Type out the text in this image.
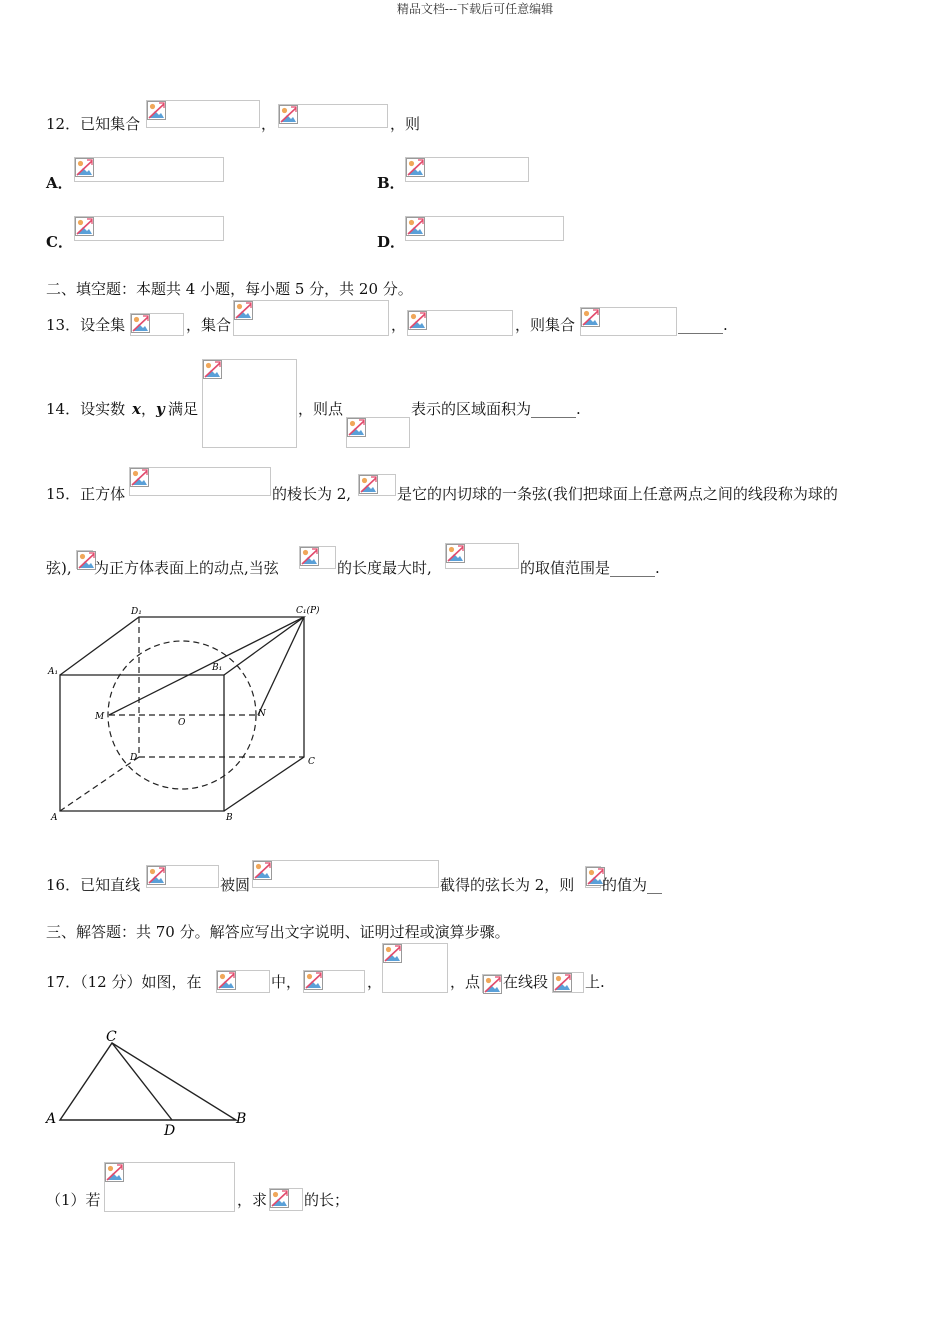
精品文档---下载后可任意编辑
12．已知集合	，	，则
A．	B．
C．	D．
二、填空题：本题共 4 小题，每小题 5 分，共 20 分。
13．设全集	，集合	，	，则集合	______.
14．设实数 x ， y 满足	，则点	表示的区域面积为______.
15．正方体	的棱长为 2,	是它的内切球的一条弦(我们把球面上任意两点之间的线段称为球的
弦), 为正方体表面上的动点,当弦	的长度最大时,	的取值范围是______.
D₁	C₁(P)
A₁	B₁
M
O
N
D	C
A	B
16．已知直线	被圆	截得的弦长为 2，则 的值为__
三、解答题：共 70 分。解答应写出文字说明、证明过程或演算步骤。
17．（12 分）如图，在	中，	，	，点 在线段 上.
C
A
D
B
（1）若	，求 的长；
